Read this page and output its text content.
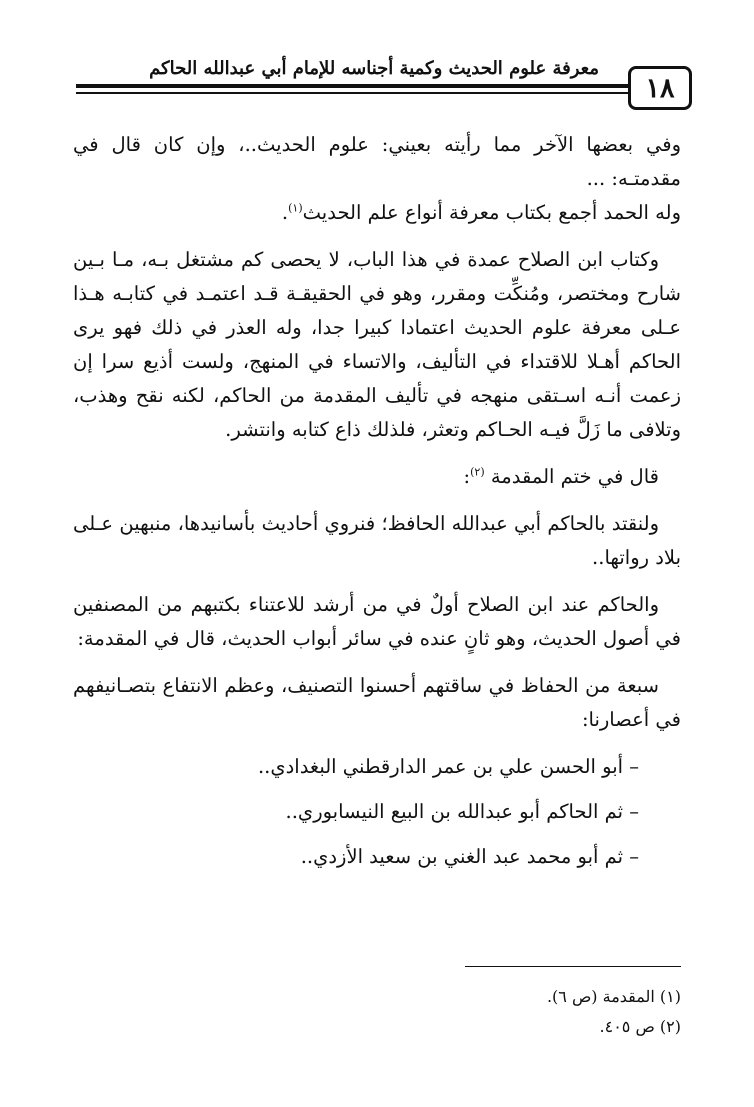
معرفة علوم الحديث وكمية أجناسه للإمام أبي عبدالله الحاكم
١٨

وفي بعضها الآخر مما رأيته بعيني: علوم الحديث..، وإن كان قال في مقدمتـه: ...
وله الحمد أجمع بكتاب معرفة أنواع علم الحديث$^{(١)}$.

وكتاب ابن الصلاح عمدة في هذا الباب، لا يحصى كم مشتغل بـه، مـا بـين شارح ومختصر، ومُنكِّت ومقرر، وهو في الحقيقـة قـد اعتمـد في كتابـه هـذا عـلى معرفة علوم الحديث اعتمادا كبيرا جدا، وله العذر في ذلك فهو يرى الحاكم أهـلا للاقتداء في التأليف، والاتساء في المنهج، ولست أذيع سرا إن زعمت أنـه اسـتقى منهجه في تأليف المقدمة من الحاكم، لكنه نقح وهذب، وتلافى ما زَلَّ فيـه الحـاكم وتعثر، فلذلك ذاع كتابه وانتشر.

قال في ختم المقدمة $^{(٢)}$:

ولنقتد بالحاكم أبي عبدالله الحافظ؛ فنروي أحاديث بأسانيدها، منبهين عـلى بلاد رواتها..

والحاكم عند ابن الصلاح أولٌ في من أرشد للاعتناء بكتبهم من المصنفين في أصول الحديث، وهو ثانٍ عنده في سائر أبواب الحديث، قال في المقدمة:

سبعة من الحفاظ في ساقتهم أحسنوا التصنيف، وعظم الانتفاع بتصـانيفهم في أعصارنا:

– أبو الحسن علي بن عمر الدارقطني البغدادي..
– ثم الحاكم أبو عبدالله بن البيع النيسابوري..
– ثم أبو محمد عبد الغني بن سعيد الأزدي..
(١) المقدمة (ص ٦).
(٢) ص ٤٠٥.
